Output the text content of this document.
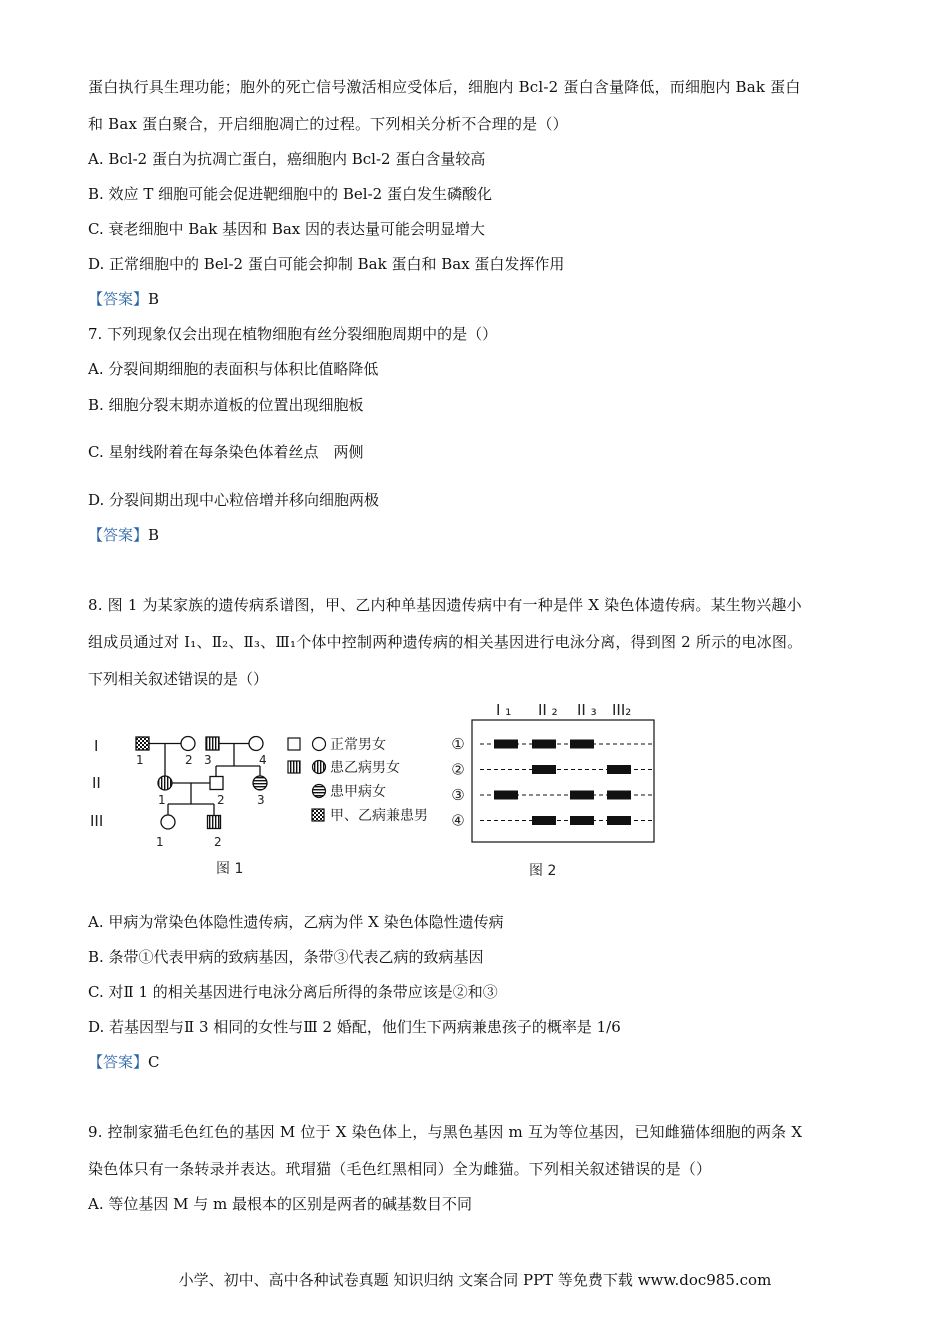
蛋白执行具生理功能；胞外的死亡信号激活相应受体后，细胞内 Bcl-2 蛋白含量降低，而细胞内 Bak 蛋白
和 Bax 蛋白聚合，开启细胞凋亡的过程。下列相关分析不合理的是（）
A. Bcl-2 蛋白为抗凋亡蛋白，癌细胞内 Bcl-2 蛋白含量较高
B. 效应 T 细胞可能会促进靶细胞中的 Bel-2 蛋白发生磷酸化
C. 衰老细胞中 Bak 基因和 Bax 因的表达量可能会明显增大
D. 正常细胞中的 Bel-2 蛋白可能会抑制 Bak 蛋白和 Bax 蛋白发挥作用
【答案】B
7. 下列现象仅会出现在植物细胞有丝分裂细胞周期中的是（）
A. 分裂间期细胞的表面积与体积比值略降低
B. 细胞分裂末期赤道板的位置出现细胞板
C. 星射线附着在每条染色体着丝点　两侧
D. 分裂间期出现中心粒倍增并移向细胞两极
【答案】B
8. 图 1 为某家族的遗传病系谱图，甲、乙内种单基因遗传病中有一种是伴 X 染色体遗传病。某生物兴趣小
组成员通过对 I₁、Ⅱ₂、Ⅱ₃、Ⅲ₁个体中控制两种遗传病的相关基因进行电泳分离，得到图 2 所示的电冰图。
下列相关叙述错误的是（）
I
II
III
1	2 3	4
1	2	3
1	2
图 1
正常男女
患乙病男女
患甲病女
甲、乙病兼患男
I ₁ II ₂ II ₃ III₂
①
②
③
④
图 2
A. 甲病为常染色体隐性遗传病，乙病为伴 X 染色体隐性遗传病
B. 条带①代表甲病的致病基因，条带③代表乙病的致病基因
C. 对Ⅱ 1 的相关基因进行电泳分离后所得的条带应该是②和③
D. 若基因型与Ⅱ 3 相同的女性与Ⅲ 2 婚配，他们生下两病兼患孩子的概率是 1/6
【答案】C
9. 控制家猫毛色红色的基因 M 位于 X 染色体上，与黑色基因 m 互为等位基因，已知雌猫体细胞的两条 X
染色体只有一条转录并表达。玳瑁猫（毛色红黑相同）全为雌猫。下列相关叙述错误的是（）
A. 等位基因 M 与 m 最根本的区别是两者的碱基数目不同
小学、初中、高中各种试卷真题 知识归纳 文案合同 PPT 等免费下载 www.doc985.com
